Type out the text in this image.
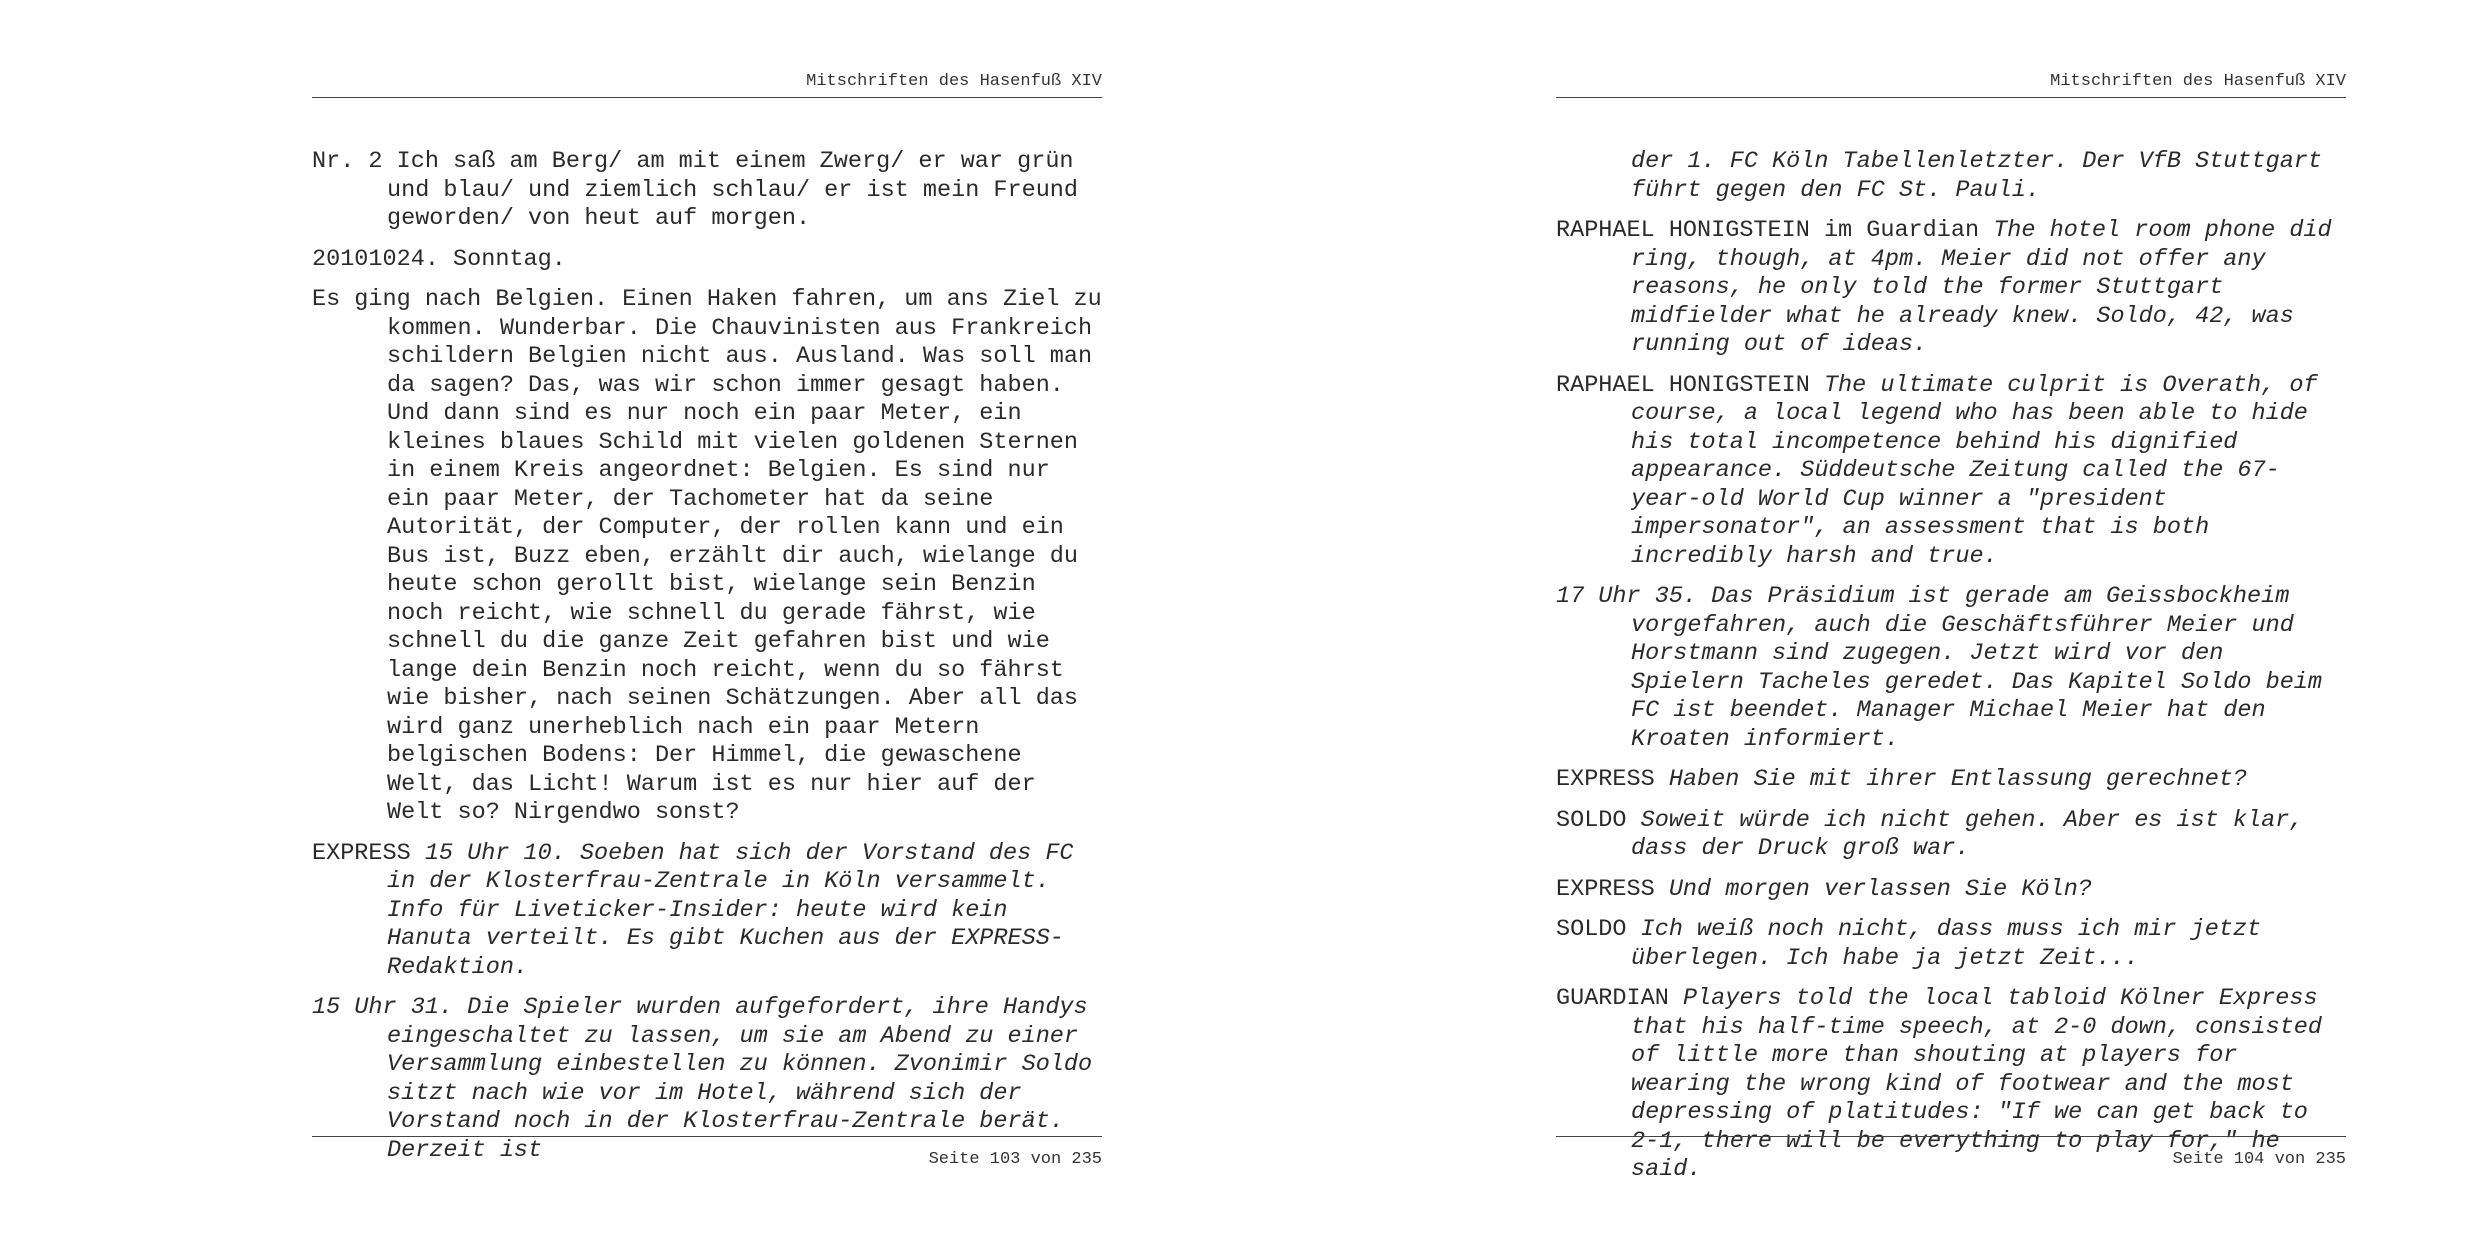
Mitschriften des Hasenfuß XIV

Nr. 2 Ich saß am Berg/ am mit einem Zwerg/ er war grün und blau/ und ziemlich schlau/ er ist mein Freund geworden/ von heut auf morgen.

20101024. Sonntag.

Es ging nach Belgien. Einen Haken fahren, um ans Ziel zu kommen. Wunderbar. Die Chauvinisten aus Frankreich schildern Belgien nicht aus. Ausland. Was soll man da sagen? Das, was wir schon immer gesagt haben. Und dann sind es nur noch ein paar Meter, ein kleines blaues Schild mit vielen goldenen Sternen in einem Kreis angeordnet: Belgien. Es sind nur ein paar Meter, der Tachometer hat da seine Autorität, der Computer, der rollen kann und ein Bus ist, Buzz eben, erzählt dir auch, wielange du heute schon gerollt bist, wielange sein Benzin noch reicht, wie schnell du gerade fährst, wie schnell du die ganze Zeit gefahren bist und wie lange dein Benzin noch reicht, wenn du so fährst wie bisher, nach seinen Schätzungen. Aber all das wird ganz unerheblich nach ein paar Metern belgischen Bodens: Der Himmel, die gewaschene Welt, das Licht! Warum ist es nur hier auf der Welt so? Nirgendwo sonst?

EXPRESS 15 Uhr 10. Soeben hat sich der Vorstand des FC in der Klosterfrau-Zentrale in Köln versammelt. Info für Liveticker-Insider: heute wird kein Hanuta verteilt. Es gibt Kuchen aus der EXPRESS-Redaktion.

15 Uhr 31. Die Spieler wurden aufgefordert, ihre Handys eingeschaltet zu lassen, um sie am Abend zu einer Versammlung einbestellen zu können. Zvonimir Soldo sitzt nach wie vor im Hotel, während sich der Vorstand noch in der Klosterfrau-Zentrale berät. Derzeit ist	Seite 103 von 235
Mitschriften des Hasenfuß XIV

der 1. FC Köln Tabellenletzter. Der VfB Stuttgart führt gegen den FC St. Pauli.

RAPHAEL HONIGSTEIN im Guardian The hotel room phone did ring, though, at 4pm. Meier did not offer any reasons, he only told the former Stuttgart midfielder what he already knew. Soldo, 42, was running out of ideas.

RAPHAEL HONIGSTEIN The ultimate culprit is Overath, of course, a local legend who has been able to hide his total incompetence behind his dignified appearance. Süddeutsche Zeitung called the 67-year-old World Cup winner a "president impersonator", an assessment that is both incredibly harsh and true.

17 Uhr 35. Das Präsidium ist gerade am Geissbockheim vorgefahren, auch die Geschäftsführer Meier und Horstmann sind zugegen. Jetzt wird vor den Spielern Tacheles geredet. Das Kapitel Soldo beim FC ist beendet. Manager Michael Meier hat den Kroaten informiert.

EXPRESS Haben Sie mit ihrer Entlassung gerechnet?

SOLDO Soweit würde ich nicht gehen. Aber es ist klar, dass der Druck groß war.

EXPRESS Und morgen verlassen Sie Köln?

SOLDO Ich weiß noch nicht, dass muss ich mir jetzt überlegen. Ich habe ja jetzt Zeit...

GUARDIAN Players told the local tabloid Kölner Express that his half-time speech, at 2-0 down, consisted of little more than shouting at players for wearing the wrong kind of footwear and the most depressing of platitudes: "If we can get back to 2-1, there will be everything to play for," he said.	Seite 104 von 235
